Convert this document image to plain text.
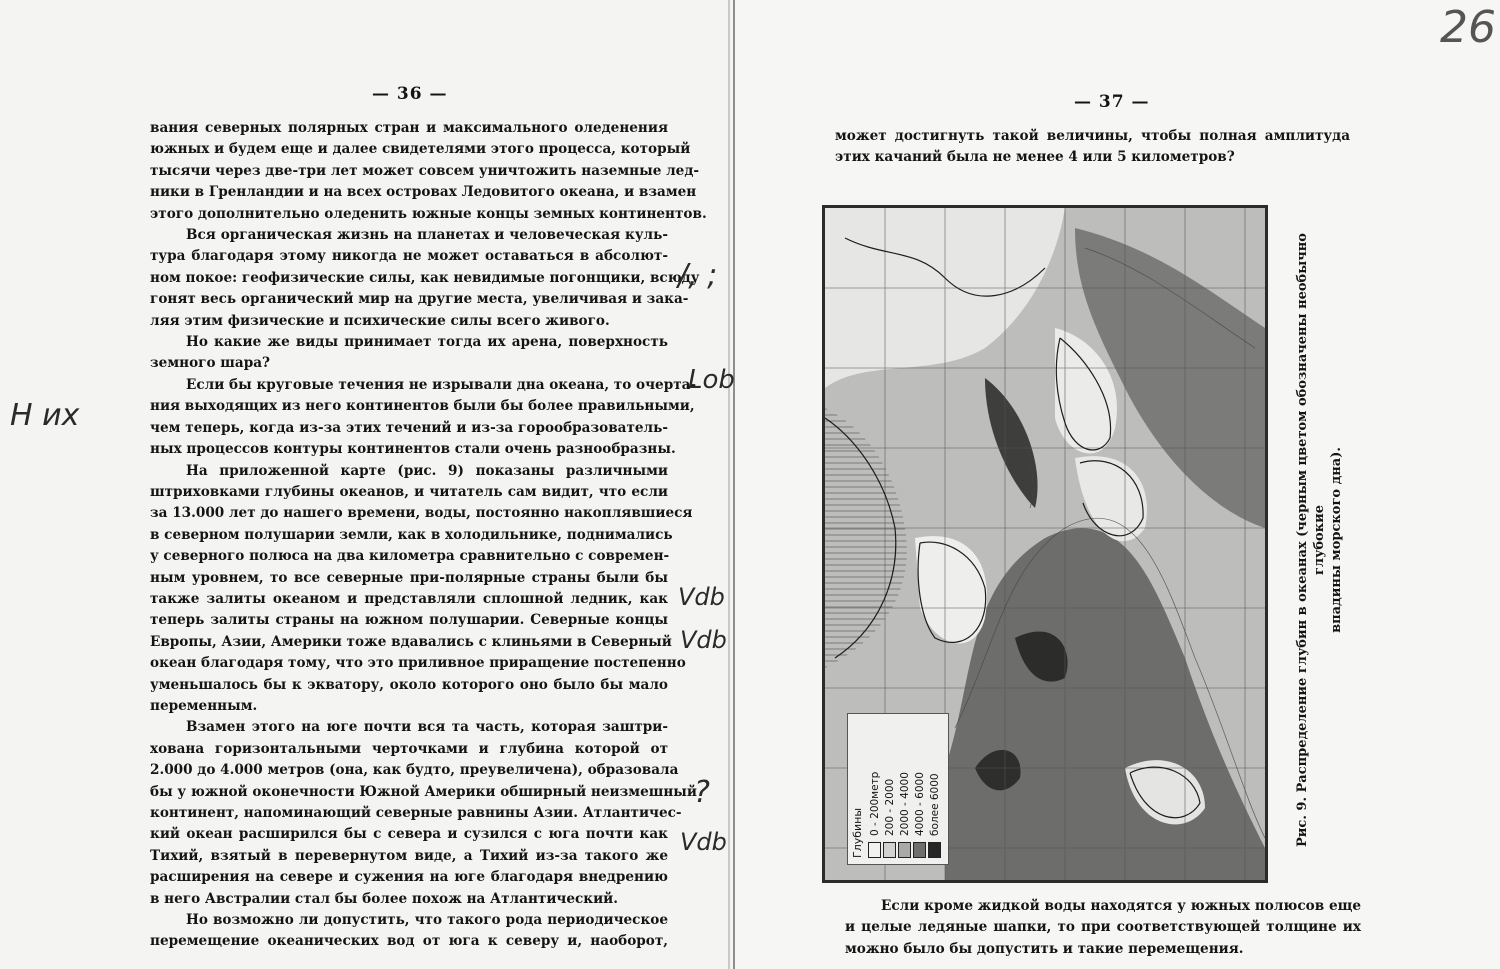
— 36 —
вания северных полярных стран и максимального оледенения
южных и будем еще и далее свидетелями этого процесса, который
тысячи через две-три лет может совсем уничтожить наземные лед-
ники в Гренландии и на всех островах Ледовитого океана, и взамен
этого дополнительно оледенить южные концы земных континентов.
Вся органическая жизнь на планетах и человеческая куль-
тура благодаря этому никогда не может оставаться в абсолют-
ном покое: геофизические силы, как невидимые погонщики, всюду
гонят весь органический мир на другие места, увеличивая и зака-
ляя этим физические и психические силы всего живого.
Но какие же виды принимает тогда их арена, поверхность
земного шара?
Если бы круговые течения не изрывали дна океана, то очерта-
ния выходящих из него континентов были бы более правильными,
чем теперь, когда из-за этих течений и из-за горообразователь-
ных процессов контуры континентов стали очень разнообразны.
На приложенной карте (рис. 9) показаны различными
штриховками глубины океанов, и читатель сам видит, что если
за 13.000 лет до нашего времени, воды, постоянно накоплявшиеся
в северном полушарии земли, как в холодильнике, поднимались
у северного полюса на два километра сравнительно с современ-
ным уровнем, то все северные при-полярные страны были бы
также залиты океаном и представляли сплошной ледник, как
теперь залиты страны на южном полушарии. Северные концы
Европы, Азии, Америки тоже вдавались с клиньями в Северный
океан благодаря тому, что это приливное приращение постепенно
уменьшалось бы к экватору, около которого оно было бы мало
переменным.
Взамен этого на юге почти вся та часть, которая заштри-
хована горизонтальными черточками и глубина которой от
2.000 до 4.000 метров (она, как будто, преувеличена), образовала
бы у южной оконечности Южной Америки обширный неизмешный
континент, напоминающий северные равнины Азии. Атлантичес-
кий океан расширился бы с севера и сузился с юга почти как
Тихий, взятый в перевернутом виде, а Тихий из-за такого же
расширения на севере и сужения на юге благодаря внедрению
в него Австралии стал бы более похож на Атлантический.
Но возможно ли допустить, что такого рода периодическое
перемещение океанических вод от юга к северу и, наоборот,
— 37 —
может достигнуть такой величины, чтобы полная амплитуда
этих качаний была не менее 4 или 5 километров?
Если кроме жидкой воды находятся у южных полюсов еще
и целые ледяные шапки, то при соответствующей толщине их
можно было бы допустить и такие перемещения.
Глубины 0 - 200метр 200 - 2000 2000 - 4000 4000 - 6000 более 6000	Рис. 9. Распределение глубин в океанах (черным цветом обозначены необычно глубокие впадины морского дна).
26
Н их
/, ;
Lob
Vdb
Vdb
?
Vdb
